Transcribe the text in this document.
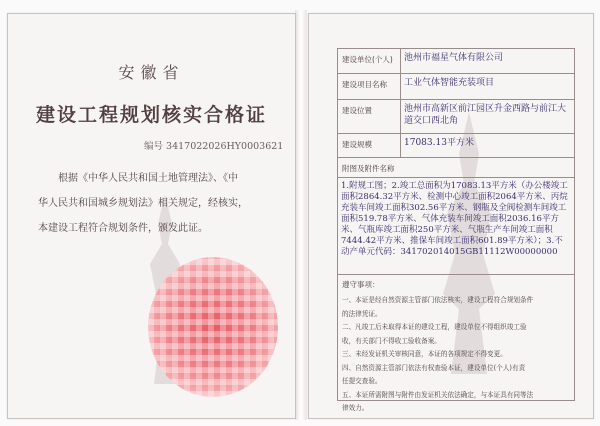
安徽省
建设工程规划核实合格证
编号 3417022026HY0003621

根据《中华人民共和国土地管理法》、《中

华人民共和国城乡规划法》相关规定，经核实，

本建设工程符合规划条件，颁发此证。

建设单位(个人)	池州市福星气体有限公司
建设项目名称	工业气体智能充装项目
建设位置	池州市高新区前江园区升金西路与前江大道交口西北角
建设规模	17083.13平方米
附图及附件名称
1.附规工图；2.竣工总面积为17083.13平方米（办公楼竣工面积2864.32平方米、检测中心竣工面积2064平方米、丙烷充装车间竣工面积302.56平方米、钢瓶及全阀检测车间竣工面积519.78平方米、气体充装车间竣工面积2036.16平方米、气瓶库竣工面积250平方米、气瓶生产车间竣工面积7444.42平方米、推保车间竣工面积601.89平方米）；3.不动产单元代码：341702014015GB11112W00000000
遵守事项：
一、本证是经自然资源主管部门依法核实，建设工程符合规划条件
的法律凭证。
二、凡竣工后未取得本证的建设工程，建设单位不得组织竣工验
收，有关部门不得收工验收备案。
三、未经发证机关审核同意，本证的各项规定不得变更。
四、自然资源主管部门依法有权查验本证，建设单位(个人)有责
任提交查验。
五、本证所需附图与附件由发证机关依法确定，与本证具有同等法
律效力。
